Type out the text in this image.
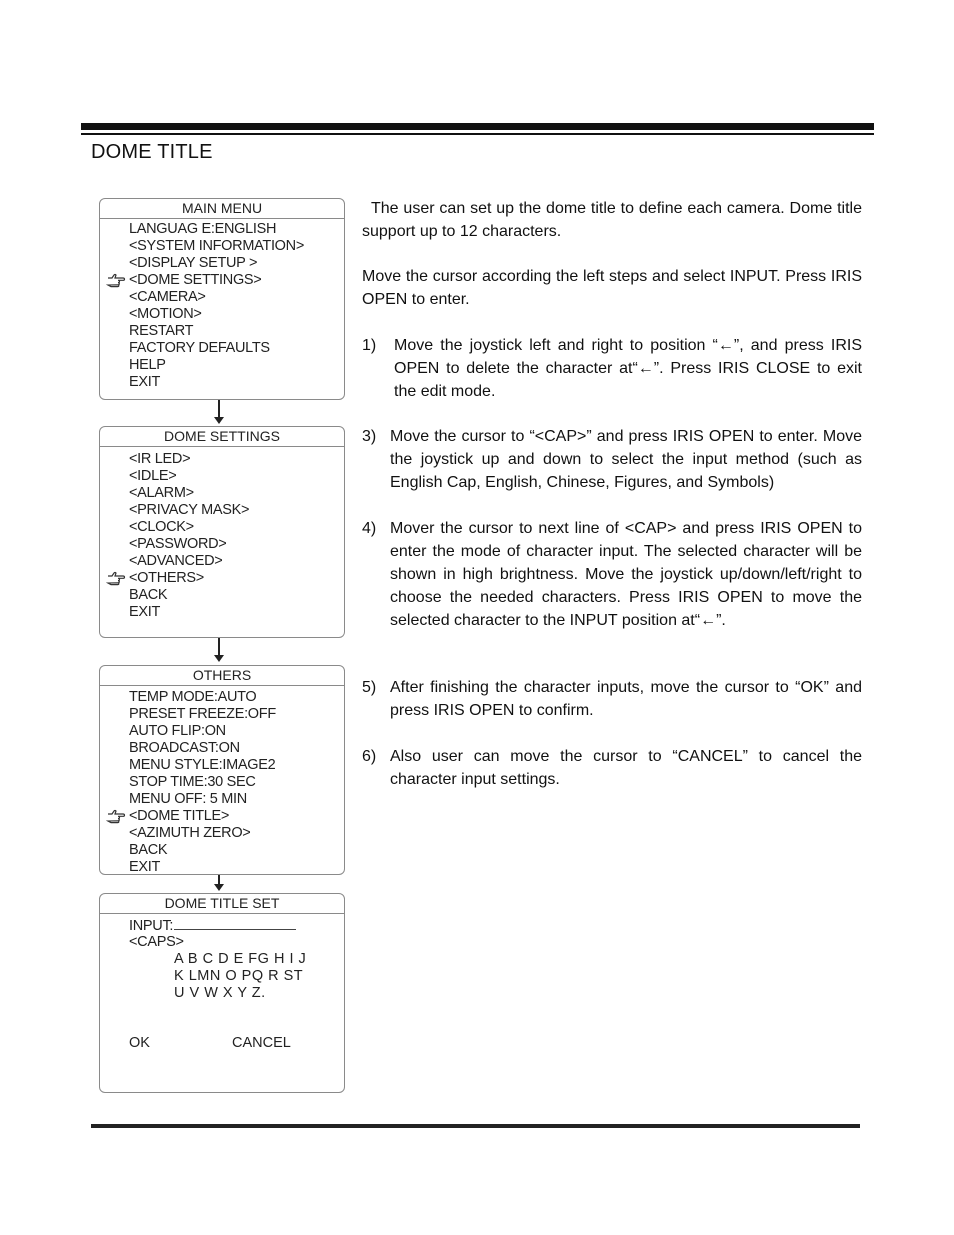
DOME TITLE
MAIN MENU
LANGUAG E:ENGLISH
<SYSTEM INFORMATION>
<DISPLAY SETUP >
<DOME SETTINGS>
<CAMERA>
<MOTION>
RESTART
FACTORY DEFAULTS
HELP
EXIT
DOME SETTINGS
<IR LED>
<IDLE>
<ALARM>
<PRIVACY MASK>
<CLOCK>
<PASSWORD>
<ADVANCED>
<OTHERS>
BACK
EXIT
OTHERS
TEMP MODE:AUTO
PRESET FREEZE:OFF
AUTO FLIP:ON
BROADCAST:ON
MENU STYLE:IMAGE2
STOP TIME:30 SEC
MENU OFF: 5 MIN
<DOME TITLE>
<AZIMUTH ZERO>
BACK
EXIT
DOME TITLE SET
INPUT:
<CAPS>
A B C D E FG H I J
K LMN O PQ R ST
U V W X Y Z.
OK	CANCEL

The user can set up the dome title to define each camera. Dome title support up to 12 characters.

Move the cursor according the left steps and select INPUT. Press IRIS OPEN to enter.

1) Move the joystick left and right to position “←”, and press IRIS OPEN to delete the character at“←”. Press IRIS CLOSE to exit the edit mode.

3) Move the cursor to “<CAP>” and press IRIS OPEN to enter. Move the joystick up and down to select the input method (such as English Cap, English, Chinese, Figures, and Symbols)

4) Mover the cursor to next line of <CAP> and press IRIS OPEN to enter the mode of character input. The selected character will be shown in high brightness. Move the joystick up/down/left/right to choose the needed characters. Press IRIS OPEN to move the selected character to the INPUT position at“←”.

5) After finishing the character inputs, move the cursor to “OK” and press IRIS OPEN to confirm.

6) Also user can move the cursor to “CANCEL” to cancel the character input settings.
